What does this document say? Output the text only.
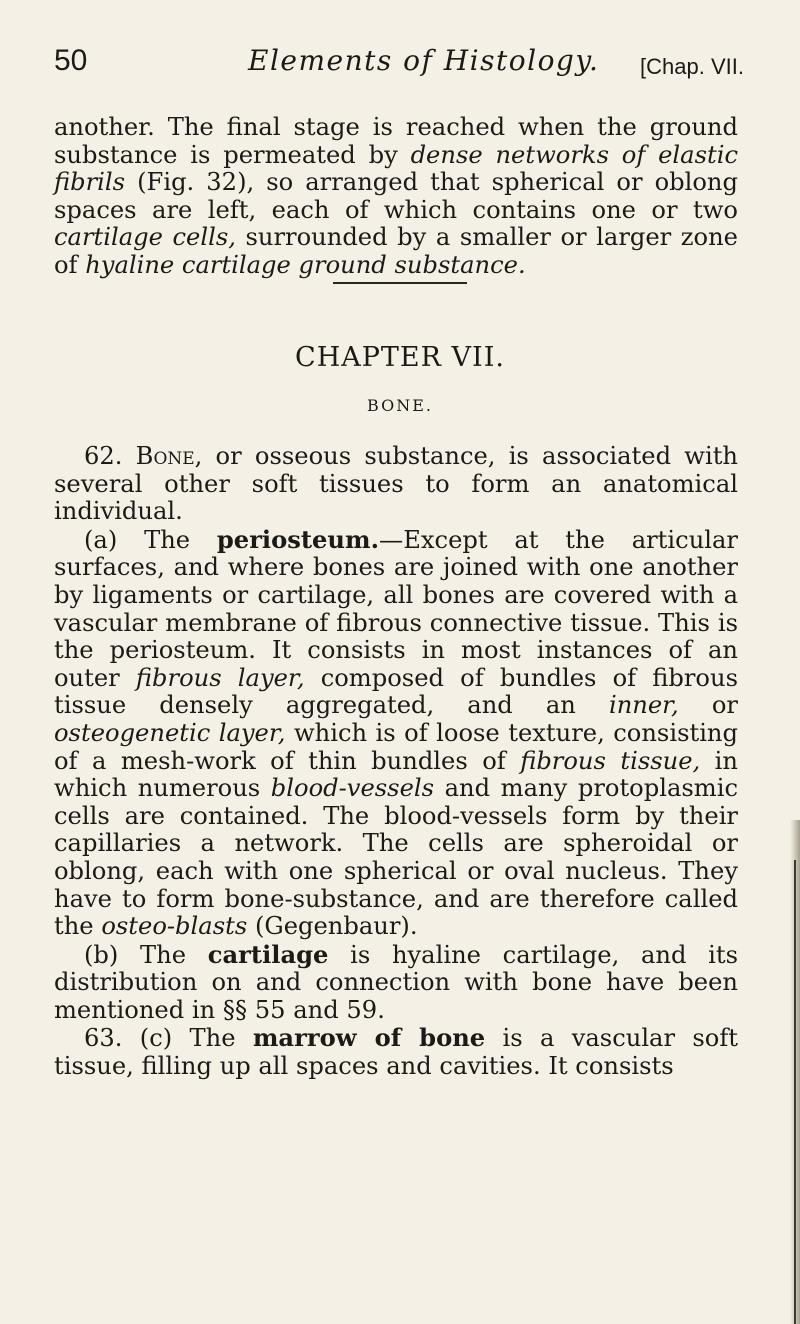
50	Elements of Histology. [Chap. VII.

another. The final stage is reached when the ground substance is permeated by dense networks of elastic fibrils (Fig. 32), so arranged that spherical or oblong spaces are left, each of which contains one or two cartilage cells, surrounded by a smaller or larger zone of hyaline cartilage ground substance.

CHAPTER VII.
BONE.

62. Bone, or osseous substance, is associated with several other soft tissues to form an anatomical individual.

(a) The periosteum.—Except at the articular surfaces, and where bones are joined with one another by ligaments or cartilage, all bones are covered with a vascular membrane of fibrous connective tissue. This is the periosteum. It consists in most instances of an outer fibrous layer, composed of bundles of fibrous tissue densely aggregated, and an inner, or osteogenetic layer, which is of loose texture, consisting of a mesh-work of thin bundles of fibrous tissue, in which numerous blood-vessels and many protoplasmic cells are contained. The blood-vessels form by their capillaries a network. The cells are spheroidal or oblong, each with one spherical or oval nucleus. They have to form bone-substance, and are therefore called the osteo-blasts (Gegenbaur).

(b) The cartilage is hyaline cartilage, and its distribution on and connection with bone have been mentioned in §§ 55 and 59.

63. (c) The marrow of bone is a vascular soft tissue, filling up all spaces and cavities. It consists
